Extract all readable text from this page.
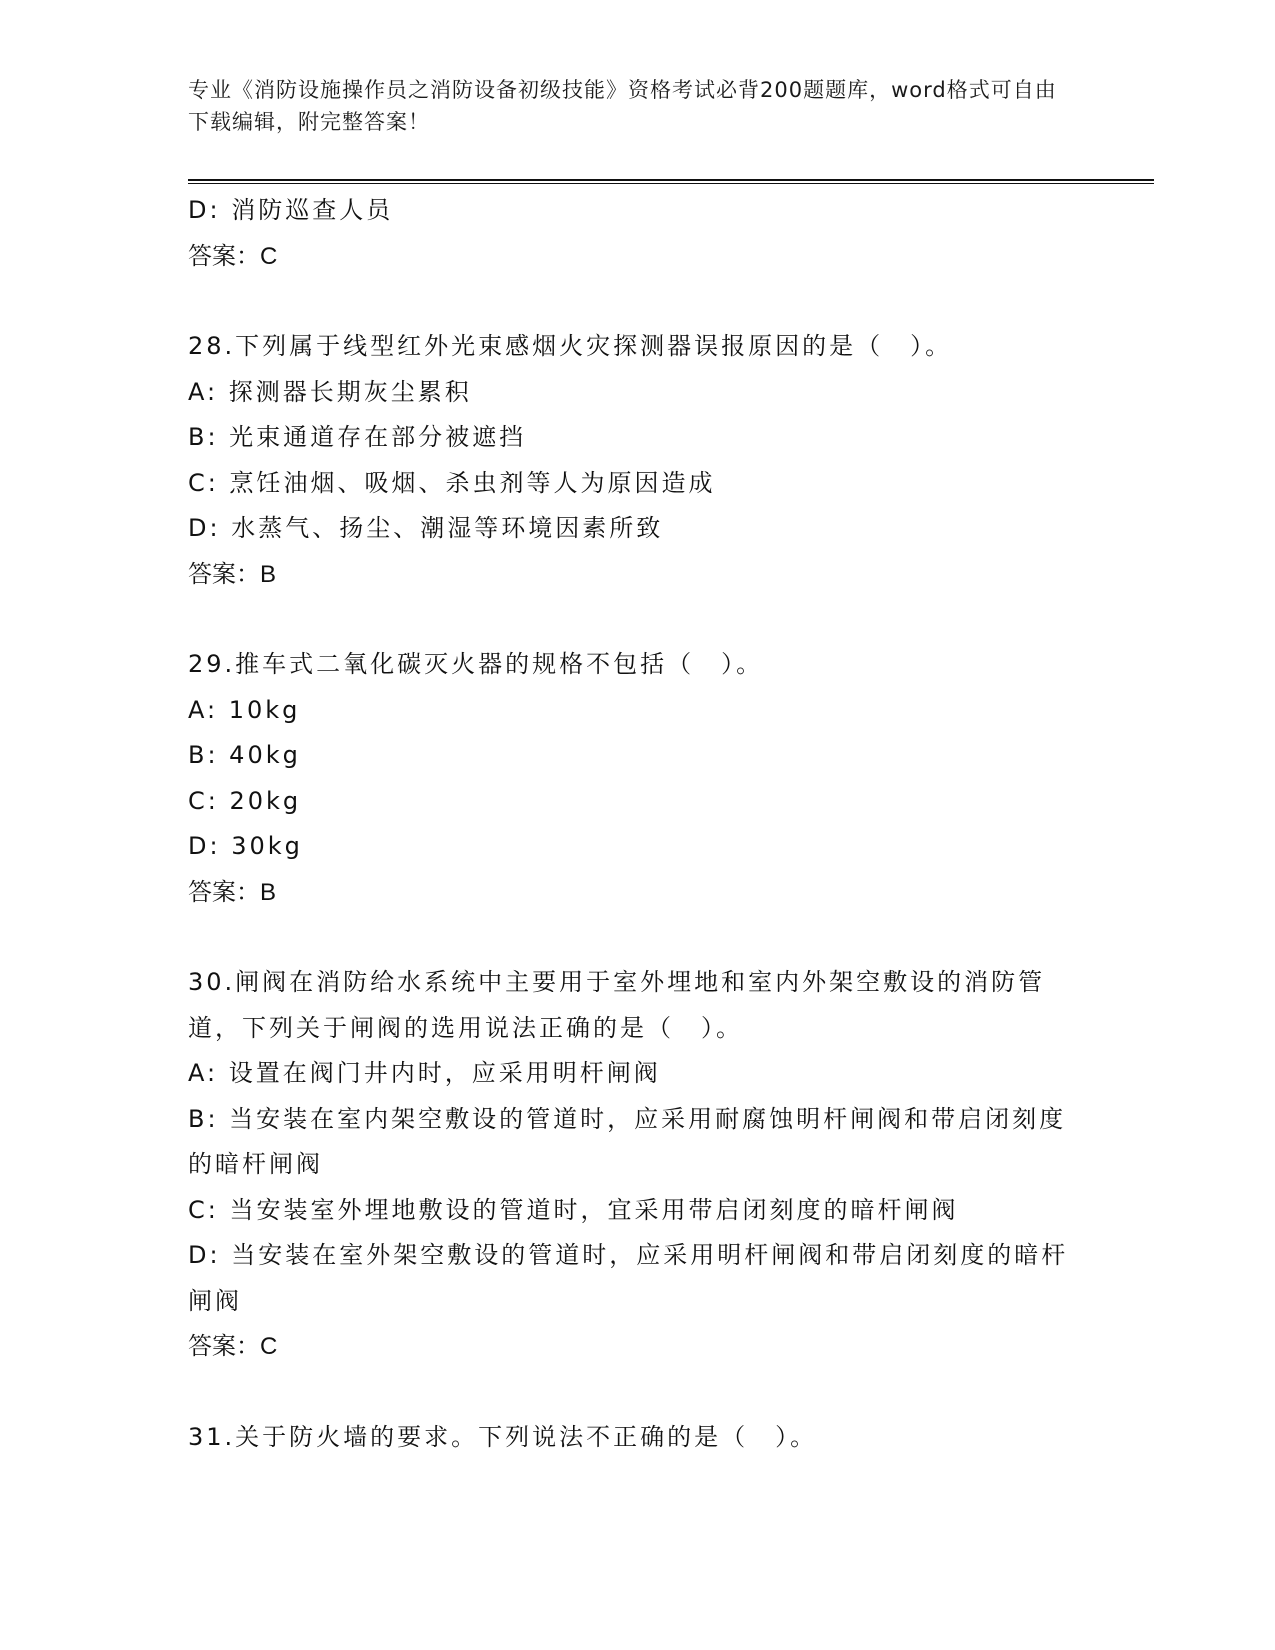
专业《消防设施操作员之消防设备初级技能》资格考试必背200题题库，word格式可自由下载编辑，附完整答案！
D: 消防巡查人员
答案：C
28.下列属于线型红外光束感烟火灾探测器误报原因的是（　）。
A: 探测器长期灰尘累积
B: 光束通道存在部分被遮挡
C: 烹饪油烟、吸烟、杀虫剂等人为原因造成
D: 水蒸气、扬尘、潮湿等环境因素所致
答案：B
29.推车式二氧化碳灭火器的规格不包括（　）。
A: 10kg
B: 40kg
C: 20kg
D: 30kg
答案：B
30.闸阀在消防给水系统中主要用于室外埋地和室内外架空敷设的消防管道，下列关于闸阀的选用说法正确的是（　）。
A: 设置在阀门井内时，应采用明杆闸阀
B: 当安装在室内架空敷设的管道时，应采用耐腐蚀明杆闸阀和带启闭刻度的暗杆闸阀
C: 当安装室外埋地敷设的管道时，宜采用带启闭刻度的暗杆闸阀
D: 当安装在室外架空敷设的管道时，应采用明杆闸阀和带启闭刻度的暗杆闸阀
答案：C
31.关于防火墙的要求。下列说法不正确的是（　）。
